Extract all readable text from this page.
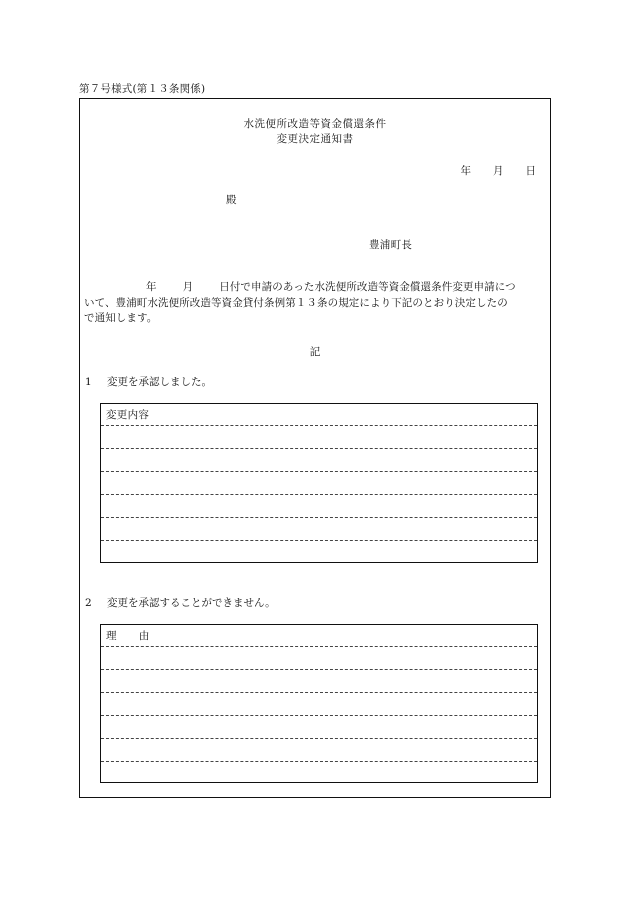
第７号様式(第１３条関係)
水洗便所改造等資金償還条件
変更決定通知書
年 月 日
殿
豊浦町長
年 月 日付で申請のあった水洗便所改造等資金償還条件変更申請につ
いて、豊浦町水洗便所改造等資金貸付条例第１３条の規定により下記のとおり決定したの
で通知します。
記
1 変更を承認しました。
変更内容
2 変更を承認することができません。
理 由
